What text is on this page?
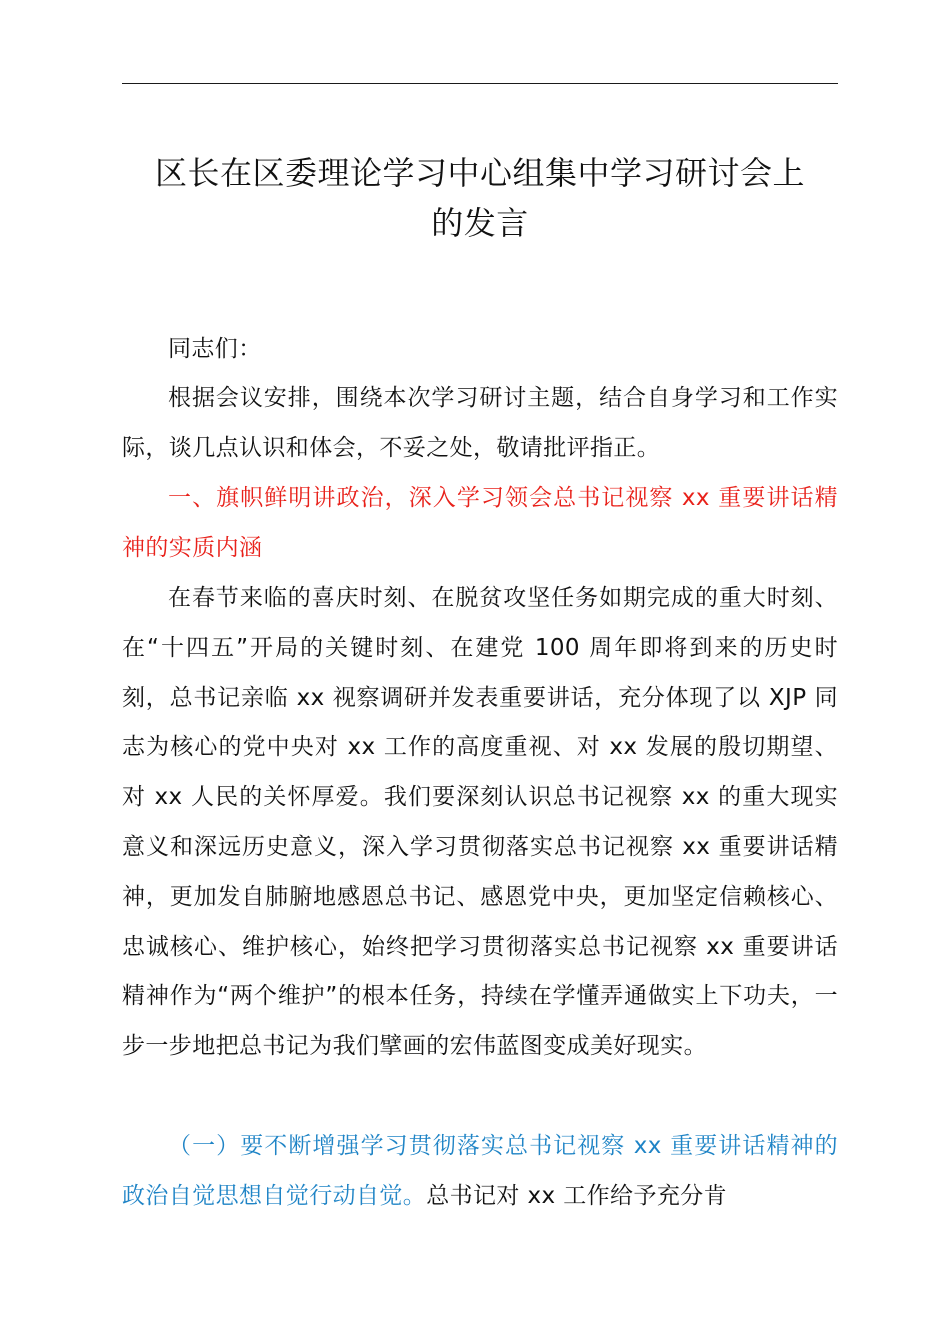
区长在区委理论学习中心组集中学习研讨会上
的发言

同志们：

根据会议安排，围绕本次学习研讨主题，结合自身学习和工作实际，谈几点认识和体会，不妥之处，敬请批评指正。

一、旗帜鲜明讲政治，深入学习领会总书记视察 xx 重要讲话精神的实质内涵

在春节来临的喜庆时刻、在脱贫攻坚任务如期完成的重大时刻、在“十四五”开局的关键时刻、在建党 100 周年即将到来的历史时刻，总书记亲临 xx 视察调研并发表重要讲话，充分体现了以 XJP 同志为核心的党中央对 xx 工作的高度重视、对 xx 发展的殷切期望、对 xx 人民的关怀厚爱。我们要深刻认识总书记视察 xx 的重大现实意义和深远历史意义，深入学习贯彻落实总书记视察 xx 重要讲话精神，更加发自肺腑地感恩总书记、感恩党中央，更加坚定信赖核心、忠诚核心、维护核心，始终把学习贯彻落实总书记视察 xx 重要讲话精神作为“两个维护”的根本任务，持续在学懂弄通做实上下功夫，一步一步地把总书记为我们擘画的宏伟蓝图变成美好现实。

（一）要不断增强学习贯彻落实总书记视察 xx 重要讲话精神的政治自觉思想自觉行动自觉。总书记对 xx 工作给予充分肯
